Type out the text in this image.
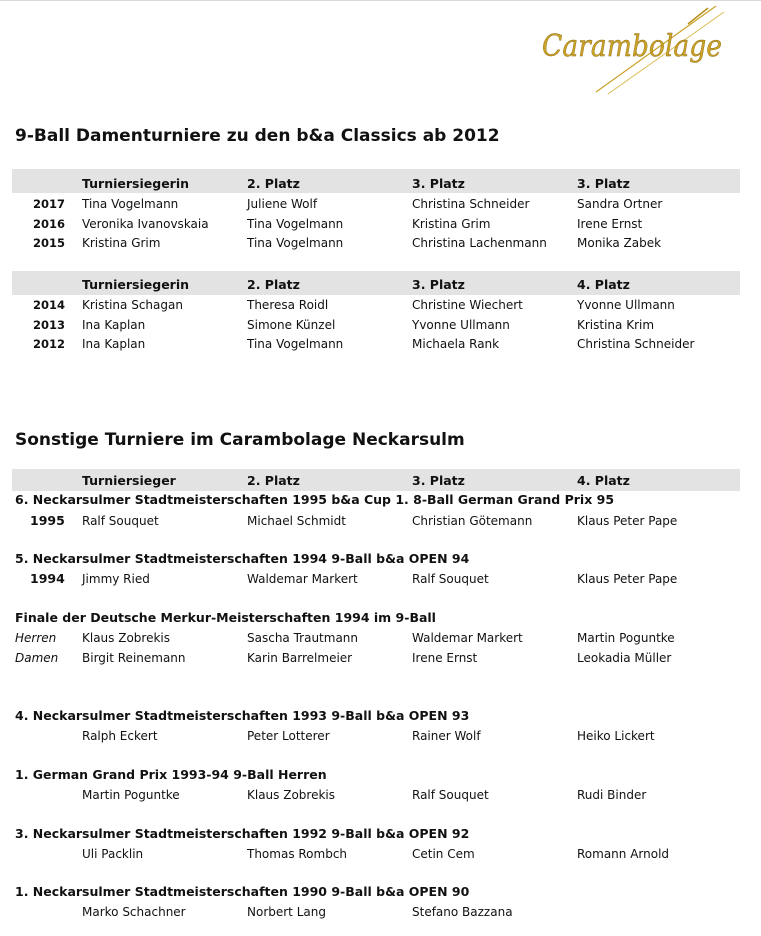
Carambolage
9-Ball Damenturniere zu den b&a Classics ab 2012
Turniersiegerin	2. Platz	3. Platz	3. Platz
2017 Tina Vogelmann	Juliene Wolf	Christina Schneider	Sandra Ortner
2016 Veronika Ivanovskaia	Tina Vogelmann	Kristina Grim	Irene Ernst
2015 Kristina Grim	Tina Vogelmann	Christina Lachenmann	Monika Zabek
Turniersiegerin	2. Platz	3. Platz	4. Platz
2014 Kristina Schagan	Theresa Roidl	Christine Wiechert	Yvonne Ullmann
2013 Ina Kaplan	Simone Künzel	Yvonne Ullmann	Kristina Krim
2012 Ina Kaplan	Tina Vogelmann	Michaela Rank	Christina Schneider
Sonstige Turniere im Carambolage Neckarsulm
Turniersieger	2. Platz	3. Platz	4. Platz
6. Neckarsulmer Stadtmeisterschaften 1995 b&a Cup 1. 8-Ball German Grand Prix 95
1995 Ralf Souquet	Michael Schmidt	Christian Götemann	Klaus Peter Pape
5. Neckarsulmer Stadtmeisterschaften 1994 9-Ball b&a OPEN 94
1994 Jimmy Ried	Waldemar Markert	Ralf Souquet	Klaus Peter Pape
Finale der Deutsche Merkur-Meisterschaften 1994 im 9-Ball
Herren Klaus Zobrekis	Sascha Trautmann	Waldemar Markert	Martin Poguntke
Damen Birgit Reinemann	Karin Barrelmeier	Irene Ernst	Leokadia Müller
4. Neckarsulmer Stadtmeisterschaften 1993 9-Ball b&a OPEN 93
Ralph Eckert	Peter Lotterer	Rainer Wolf	Heiko Lickert
1. German Grand Prix 1993-94 9-Ball Herren
Martin Poguntke	Klaus Zobrekis	Ralf Souquet	Rudi Binder
3. Neckarsulmer Stadtmeisterschaften 1992 9-Ball b&a OPEN 92
Uli Packlin	Thomas Rombch	Cetin Cem	Romann Arnold
1. Neckarsulmer Stadtmeisterschaften 1990 9-Ball b&a OPEN 90
Marko Schachner	Norbert Lang	Stefano Bazzana
